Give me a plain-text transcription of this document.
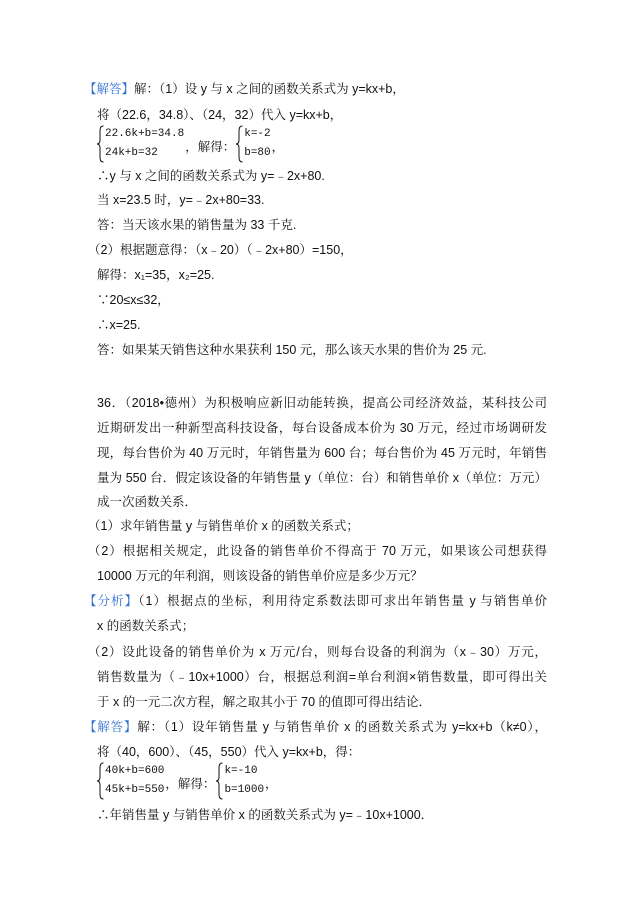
【解答】解：（1）设 y 与 x 之间的函数关系式为 y=kx+b，
将（22.6，34.8）、（24，32）代入 y=kx+b，
22.6k+b=34.8
24k+b=32	，解得：
k=-2
b=80 ，
∴y 与 x 之间的函数关系式为 y=﹣2x+80.
当 x=23.5 时，y=﹣2x+80=33.
答：当天该水果的销售量为 33 千克.
（2）根据题意得：（x﹣20）（﹣2x+80）=150，
解得：x₁=35，x₂=25.
∵20≤x≤32，
∴x=25.
答：如果某天销售这种水果获利 150 元，那么该天水果的售价为 25 元.
36．（2018•德州）为积极响应新旧动能转换，提高公司经济效益，某科技公司
近期研发出一种新型高科技设备，每台设备成本价为 30 万元，经过市场调研发
现，每台售价为 40 万元时，年销售量为 600 台；每台售价为 45 万元时，年销售
量为 550 台．假定该设备的年销售量 y（单位：台）和销售单价 x（单位：万元）
成一次函数关系．
（1）求年销售量 y 与销售单价 x 的函数关系式；
（2）根据相关规定，此设备的销售单价不得高于 70 万元，如果该公司想获得
10000 万元的年利润，则该设备的销售单价应是多少万元？
【分析】（1）根据点的坐标，利用待定系数法即可求出年销售量 y 与销售单价
x 的函数关系式；
（2）设此设备的销售单价为 x 万元/台，则每台设备的利润为（x﹣30）万元，
销售数量为（﹣10x+1000）台，根据总利润=单台利润×销售数量，即可得出关
于 x 的一元二次方程，解之取其小于 70 的值即可得出结论．
【解答】解：（1）设年销售量 y 与销售单价 x 的函数关系式为 y=kx+b（k≠0），
将（40，600）、（45，550）代入 y=kx+b，得：
40k+b=600
45k+b=550 ，解得：
k=-10
b=1000 ，
∴年销售量 y 与销售单价 x 的函数关系式为 y=﹣10x+1000．
